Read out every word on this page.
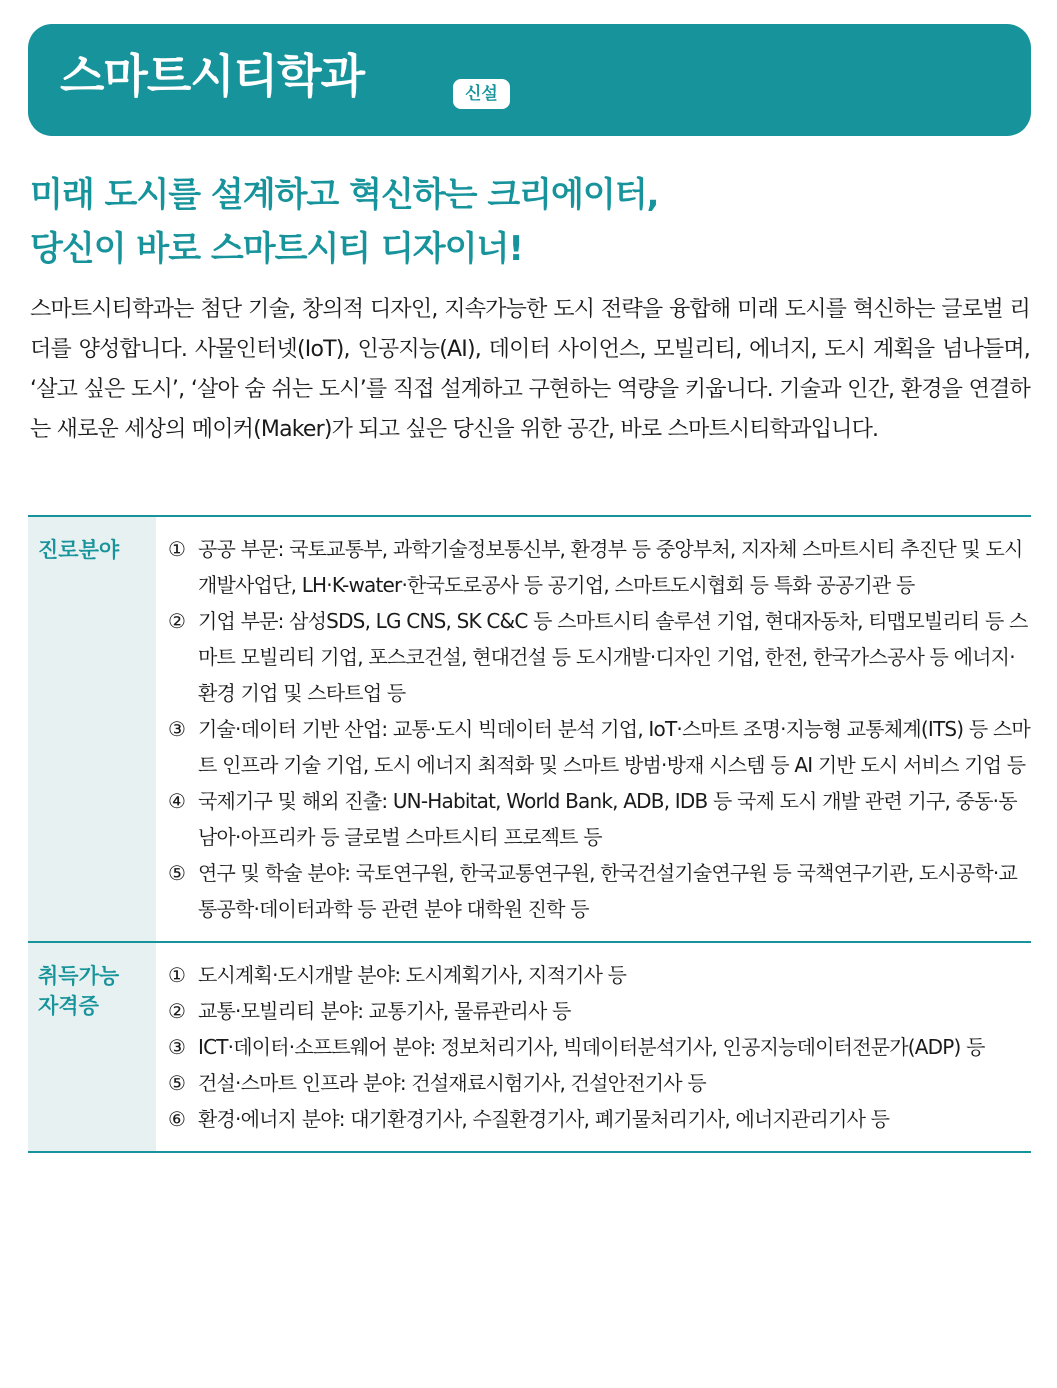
스마트시티학과	신설
미래 도시를 설계하고 혁신하는 크리에이터,
당신이 바로 스마트시티 디자이너!
스마트시티학과는 첨단 기술, 창의적 디자인, 지속가능한 도시 전략을 융합해 미래 도시를 혁신하는 글로벌 리더를 양성합니다. 사물인터넷(IoT), 인공지능(AI), 데이터 사이언스, 모빌리티, 에너지, 도시 계획을 넘나들며, ‘살고 싶은 도시’, ‘살아 숨 쉬는 도시’를 직접 설계하고 구현하는 역량을 키웁니다. 기술과 인간, 환경을 연결하는 새로운 세상의 메이커(Maker)가 되고 싶은 당신을 위한 공간, 바로 스마트시티학과입니다.
진로분야	① 공공 부문: 국토교통부, 과학기술정보통신부, 환경부 등 중앙부처, 지자체 스마트시티 추진단 및 도시개발사업단, LH·K-water·한국도로공사 등 공기업, 스마트도시협회 등 특화 공공기관 등
② 기업 부문: 삼성SDS, LG CNS, SK C&C 등 스마트시티 솔루션 기업, 현대자동차, 티맵모빌리티 등 스마트 모빌리티 기업, 포스코건설, 현대건설 등 도시개발·디자인 기업, 한전, 한국가스공사 등 에너지·환경 기업 및 스타트업 등
③ 기술·데이터 기반 산업: 교통·도시 빅데이터 분석 기업, IoT·스마트 조명·지능형 교통체계(ITS) 등 스마트 인프라 기술 기업, 도시 에너지 최적화 및 스마트 방범·방재 시스템 등 AI 기반 도시 서비스 기업 등
④ 국제기구 및 해외 진출: UN-Habitat, World Bank, ADB, IDB 등 국제 도시 개발 관련 기구, 중동·동남아·아프리카 등 글로벌 스마트시티 프로젝트 등
⑤ 연구 및 학술 분야: 국토연구원, 한국교통연구원, 한국건설기술연구원 등 국책연구기관, 도시공학·교통공학·데이터과학 등 관련 분야 대학원 진학 등
취득가능
자격증
① 도시계획·도시개발 분야: 도시계획기사, 지적기사 등
② 교통·모빌리티 분야: 교통기사, 물류관리사 등
③ ICT·데이터·소프트웨어 분야: 정보처리기사, 빅데이터분석기사, 인공지능데이터전문가(ADP) 등
⑤ 건설·스마트 인프라 분야: 건설재료시험기사, 건설안전기사 등
⑥ 환경·에너지 분야: 대기환경기사, 수질환경기사, 폐기물처리기사, 에너지관리기사 등
